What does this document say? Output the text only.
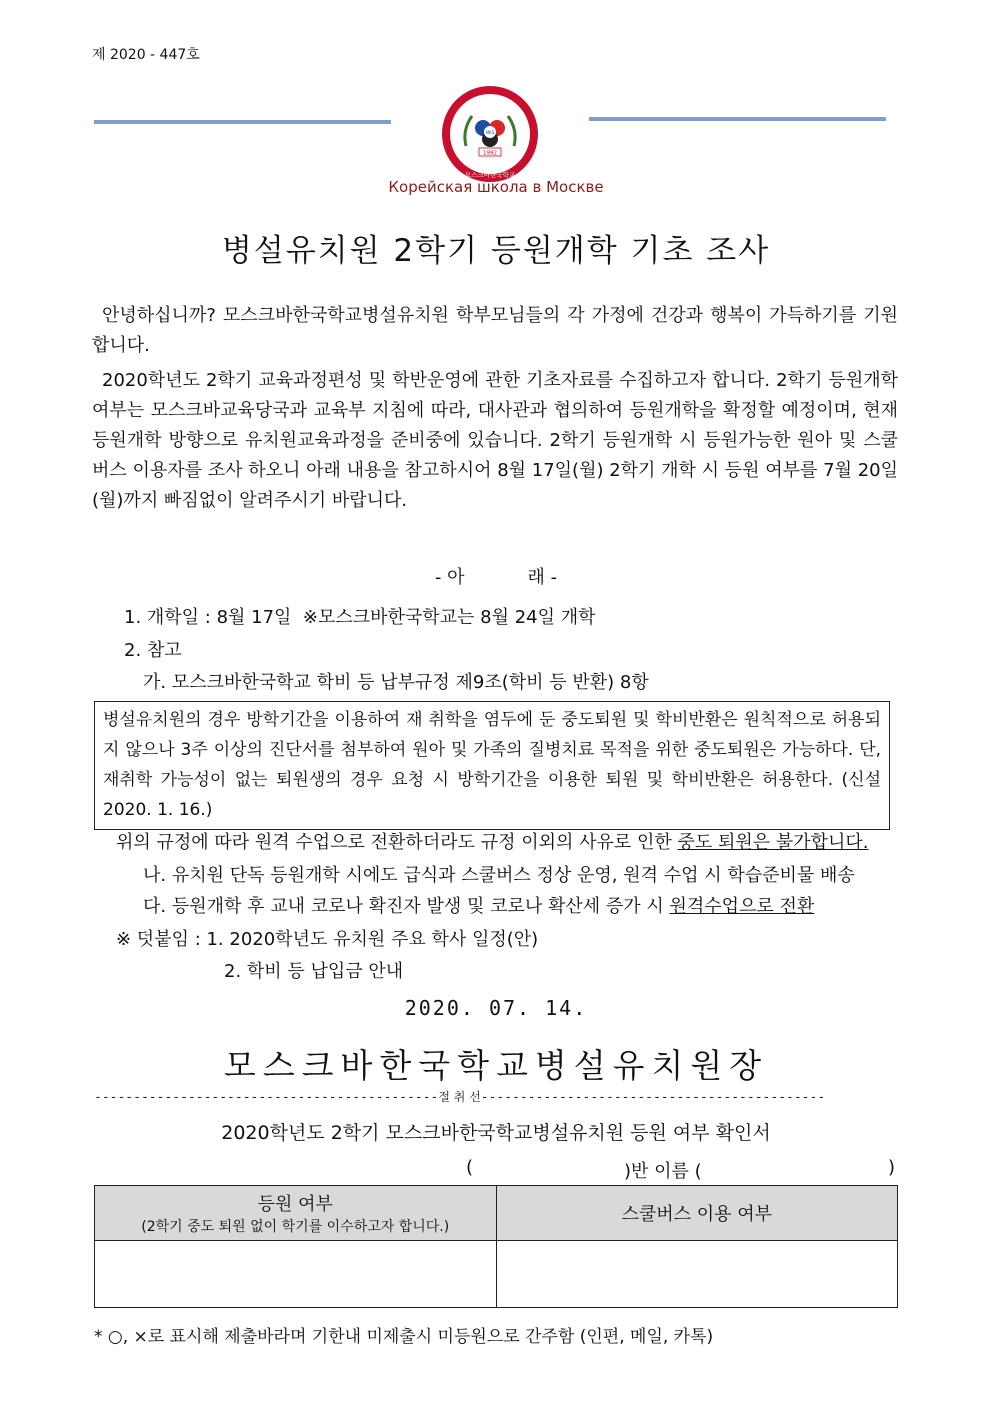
제 2020 - 447호
MOSCOW KOREAN SCHOOL
MKS
1992
모스크바한국학교
Корейская школа в Москве
병설유치원 2학기 등원개학 기초 조사
안녕하십니까? 모스크바한국학교병설유치원 학부모님들의 각 가정에 건강과 행복이 가득하기를 기원합니다.
2020학년도 2학기 교육과정편성 및 학반운영에 관한 기초자료를 수집하고자 합니다. 2학기 등원개학여부는 모스크바교육당국과 교육부 지침에 따라, 대사관과 협의하여 등원개학을 확정할 예정이며, 현재 등원개학 방향으로 유치원교육과정을 준비중에 있습니다. 2학기 등원개학 시 등원가능한 원아 및 스쿨버스 이용자를 조사 하오니 아래 내용을 참고하시어 8월 17일(월) 2학기 개학 시 등원 여부를 7월 20일(월)까지 빠짐없이 알려주시기 바랍니다.
- 아           래 -
1. 개학일 : 8월 17일  ※모스크바한국학교는 8월 24일 개학
2. 참고
가. 모스크바한국학교 학비 등 납부규정 제9조(학비 등 반환) 8항
병설유치원의 경우 방학기간을 이용하여 재 취학을 염두에 둔 중도퇴원 및 학비반환은 원칙적으로 허용되지 않으나 3주 이상의 진단서를 첨부하여 원아 및 가족의 질병치료 목적을 위한 중도퇴원은 가능하다. 단, 재취학 가능성이 없는 퇴원생의 경우 요청 시 방학기간을 이용한 퇴원 및 학비반환은 허용한다. (신설 2020. 1. 16.)
위의 규정에 따라 원격 수업으로 전환하더라도 규정 이외의 사유로 인한 중도 퇴원은 불가합니다.
나. 유치원 단독 등원개학 시에도 급식과 스쿨버스 정상 운영, 원격 수업 시 학습준비물 배송
다. 등원개학 후 교내 코로나 확진자 발생 및 코로나 확산세 증가 시 원격수업으로 전환
※ 덧붙임 : 1. 2020학년도 유치원 주요 학사 일정(안)
2. 학비 등 납입금 안내
2020. 07. 14.
모스크바한국학교병설유치원장
--------------------------------------------절 취 선--------------------------------------------
2020학년도 2학기 모스크바한국학교병설유치원 등원 여부 확인서
(	)반 이름 (	)
등원 여부
(2학기 중도 퇴원 없이 학기를 이수하고자 합니다.)	스쿨버스 이용 여부

* ○, ×로 표시해 제출바라며 기한내 미제출시 미등원으로 간주함 (인편, 메일, 카톡)
